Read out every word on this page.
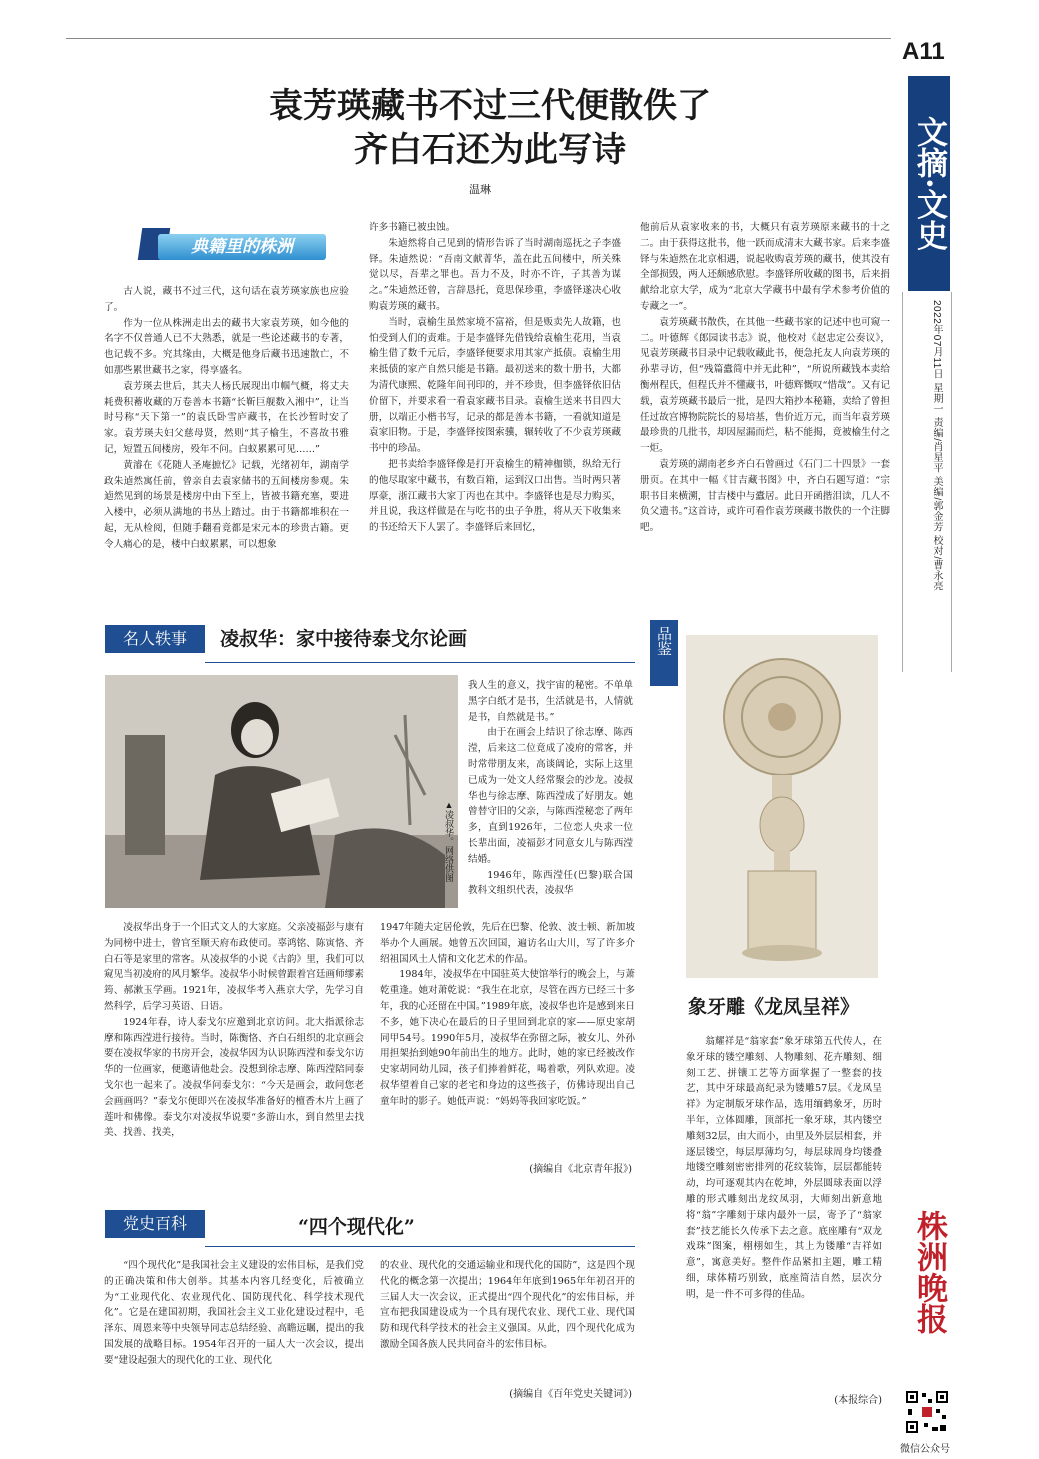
A11
文摘·文史
2022年07月11日 星期一 责编/肖星平 美编/郭金芳 校对/曹永亮
袁芳瑛藏书不过三代便散佚了
齐白石还为此写诗
温琳
典籍里的株洲

古人说，藏书不过三代，这句话在袁芳瑛家族也应验了。

作为一位从株洲走出去的藏书大家袁芳瑛，如今他的名字不仅普通人已不大熟悉，就是一些论述藏书的专著，也记载不多。究其缘由，大概是他身后藏书迅速散亡，不如那些累世藏书之家，得享盛名。

袁芳瑛去世后，其夫人杨氏展现出巾帼气概，将丈夫耗费积蓄收藏的万卷善本书籍“长靳巨舰数入湘中”，让当时号称“天下第一”的袁氏卧雪庐藏书，在长沙暂时安了家。袁芳瑛夫妇父慈母贤，然则“其子榆生，不喜故书雅记，短置五间楼房，殁年不问。白蚁累累可见……”

黄濬在《花随人圣庵摭忆》记载，光绪初年，湖南学政朱逌然寓任前，曾亲自去袁家储书的五间楼房参观。朱逌然见到的场景是楼房中由下至上，皆被书籍充塞，要进入楼中，必须从满地的书丛上踏过。由于书籍都堆积在一起，无从检阅，但随手翻看竟都是宋元本的珍贵古籍。更令人痛心的是，楼中白蚁累累，可以想象

许多书籍已被虫蚀。

朱逌然将自己见到的情形告诉了当时湖南巡抚之子李盛铎。朱逌然说：“吾南文献菁华，盖在此五间楼中，所关殊觉以尽，吾辈之罪也。吾力不及，时亦不许，子其善为谋之。”朱逌然还曾，言辞恳托，竟思保珍重，李盛铎遂决心收购袁芳瑛的藏书。

当时，袁榆生虽然家境不富裕，但是贩卖先人故籍，也怕受到人们的责难。于是李盛铎先借钱给袁榆生花用，当袁榆生借了数千元后，李盛铎便要求用其家产抵债。袁榆生用来抵债的家产自然只能是书籍。最初送来的数十册书，大都为清代康熙、乾隆年间刊印的，并不珍贵，但李盛铎依旧估价留下，并要求看一看袁家藏书目录。袁榆生送来书目四大册，以端正小楷书写，记录的都是善本书籍，一看就知道是袁家旧物。于是，李盛铎按图索骥，辗转收了不少袁芳瑛藏书中的珍品。

把书卖给李盛铎像是打开袁榆生的精神枷锁，纵给无行的他尽取家中藏书，有数百箱，运到汉口出售。当时两只著厚豪，浙江藏书大家丁丙也在其中。李盛铎也是尽力购买，并且说，我这样做是在与吃书的虫子争胜，将从天下收集来的书还给天下人罢了。李盛铎后来回忆，

他前后从袁家收来的书，大概只有袁芳瑛原来藏书的十之二。由于获得这批书，他一跃而成清末大藏书家。后来李盛铎与朱逌然在北京相遇，说起收购袁芳瑛的藏书，使其没有全部损毁，两人还颇感欣慰。李盛铎所收藏的图书，后来捐献给北京大学，成为“北京大学藏书中最有学术参考价值的专藏之一”。

袁芳瑛藏书散佚，在其他一些藏书家的记述中也可窥一二。叶德辉《郎园读书志》说，他校对《赵忠定公奏议》，见袁芳瑛藏书目录中记载收藏此书，便急托友人向袁芳瑛的孙辈寻访，但“残篇蠹简中并无此种”，“所说所藏钱本卖给衡州程氏，但程氏并不懂藏书，叶德辉慨叹“惜哉”。又有记载，袁芳瑛藏书最后一批，是四大箱抄本秘籍，卖给了曾担任过故宫博物院院长的易培基，售价近万元，而当年袁芳瑛最珍贵的几批书，却因屋漏而烂，粘不能揭，竟被榆生付之一炬。

袁芳瑛的湖南老乡齐白石曾画过《石门二十四景》一套册页。在其中一幅《甘吉藏书图》中，齐白石题写道：“宗职书目来横溯，甘吉楼中与蠹居。此日开函揩泪读，几人不负父遗书。”这首诗，或许可看作袁芳瑛藏书散佚的一个注脚吧。

名人轶事	凌叔华：家中接待泰戈尔论画
▲凌叔华。网络供图

我人生的意义，找宇宙的秘密。不单单黑字白纸才是书，生活就是书，人情就是书，自然就是书。”

由于在画会上结识了徐志摩、陈西滢，后来这二位竟成了凌府的常客，并时常带朋友来，高谈阔论，实际上这里已成为一处文人经常聚会的沙龙。凌叔华也与徐志摩、陈西滢成了好朋友。她曾替守旧的父亲，与陈西滢秘恋了两年多，直到1926年，二位恋人央求一位长辈出面，凌福彭才同意女儿与陈西滢结婚。

1946年，陈西滢任(巴黎)联合国教科文组织代表，凌叔华

凌叔华出身于一个旧式文人的大家庭。父亲凌福彭与康有为同榜中进士，曾官至顺天府布政使司。辜鸿铭、陈寅恪、齐白石等是家里的常客。从凌叔华的小说《古韵》里，我们可以窥见当初凌府的风月繁华。凌叔华小时候曾跟着宫廷画师缪素筠、郝漱玉学画。1921年，凌叔华考入燕京大学，先学习自然科学，后学习英语、日语。

1924年春，诗人泰戈尔应邀到北京访问。北大指派徐志摩和陈西滢进行接待。当时，陈衡恪、齐白石组织的北京画会要在凌叔华家的书房开会，凌叔华因为认识陈西滢和泰戈尔访华的一位画家，便邀请他赴会。没想到徐志摩、陈西滢陪同泰戈尔也一起来了。凌叔华问泰戈尔：“今天是画会，敢问您老会画画吗？”泰戈尔便即兴在凌叔华准备好的檀香木片上画了莲叶和佛像。泰戈尔对凌叔华说要“多游山水，到自然里去找美、找善、找美，

1947年随夫定居伦敦，先后在巴黎、伦敦、波士顿、新加坡举办个人画展。她曾五次回国，遍访名山大川，写了许多介绍祖国风土人情和文化艺术的作品。

1984年，凌叔华在中国驻英大使馆举行的晚会上，与萧乾重逢。她对萧乾说：“我生在北京，尽管在西方已经三十多年，我的心还留在中国。”1989年底，凌叔华也许是感到来日不多，她下决心在最后的日子里回到北京的家——原史家胡同甲54号。1990年5月，凌叔华在弥留之际，被女儿、外孙用担架抬到她90年前出生的地方。此时，她的家已经被改作史家胡同幼儿园，孩子们捧着鲜花，喝着歌，列队欢迎。凌叔华望着自己家的老宅和身边的这些孩子，仿佛诗现出自己童年时的影子。她低声说：“妈妈等我回家吃饭。”

(摘编自《北京青年报》)
党史百科	“四个现代化”

“四个现代化”是我国社会主义建设的宏伟目标，是我们党的正确决策和伟大创举。其基本内容几经变化，后被确立为“工业现代化、农业现代化、国防现代化、科学技术现代化”。它是在建国初期，我国社会主义工业化建设过程中，毛泽东、周恩来等中央领导同志总结经验、高瞻远瞩，提出的我国发展的战略目标。1954年召开的一届人大一次会议，提出要“建设起强大的现代化的工业、现代化

的农业、现代化的交通运输业和现代化的国防”，这是四个现代化的概念第一次提出；1964年年底到1965年年初召开的三届人大一次会议，正式提出“四个现代化”的宏伟目标，并宣布把我国建设成为一个具有现代农业、现代工业、现代国防和现代科学技术的社会主义强国。从此，四个现代化成为激励全国各族人民共同奋斗的宏伟目标。

(摘编自《百年党史关键词》)
品鉴
象牙雕《龙凤呈祥》

翁耀祥是“翁家套”象牙球第五代传人，在象牙球的镂空雕刻、人物雕刻、花卉雕刻、细刻工艺、拼镶工艺等方面掌握了一整套的技艺，其中牙球最高纪录为镂雕57层。《龙凤呈祥》为定制版牙球作品，选用缅鹤象牙，历时半年，立体圆雕，顶部托一象牙球，其内镂空雕刻32层，由大而小，由里及外层层相套，并逐层镂空，每层厚薄均匀，每层球周身均镂叠地镂空雕刻密密排列的花纹装饰，层层都能转动，均可逐观其内在乾坤，外层圆球表面以浮雕的形式雕刻出龙纹凤羽，大师刻出新意地将“翁”字雕刻于球内最外一层，寄予了“翁家套”技艺能长久传承下去之意。底座雕有“双龙戏珠”图案，栩栩如生，其上为镂雕“吉祥如意”，寓意美好。整件作品紧扣主题，雕工精细，球体精巧别致，底座简洁自然，层次分明，是一件不可多得的佳品。

(本报综合)
株洲晚报
微信公众号
